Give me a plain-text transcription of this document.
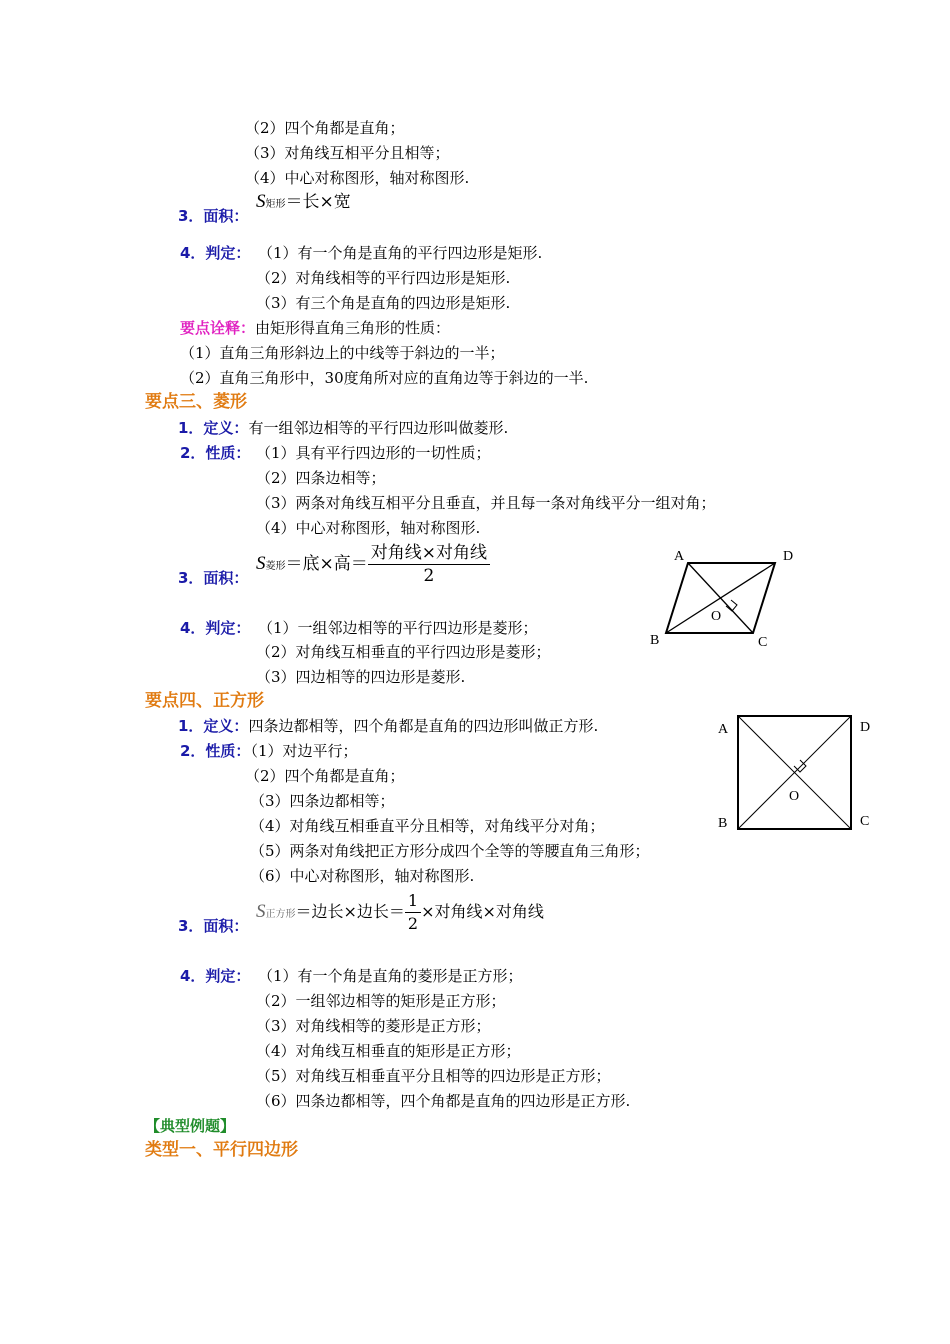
（2）四个角都是直角；
（3）对角线互相平分且相等；
（4）中心对称图形，轴对称图形.
3．面积：
S矩形＝长×宽
4．判定： （1）有一个角是直角的平行四边形是矩形.
（2）对角线相等的平行四边形是矩形.
（3）有三个角是直角的四边形是矩形.
要点诠释：由矩形得直角三角形的性质：
（1）直角三角形斜边上的中线等于斜边的一半；
（2）直角三角形中，30度角所对应的直角边等于斜边的一半.
要点三、菱形
1．定义：有一组邻边相等的平行四边形叫做菱形.
2．性质： （1）具有平行四边形的一切性质；
（2）四条边相等；
（3）两条对角线互相平分且垂直，并且每一条对角线平分一组对角；
（4）中心对称图形，轴对称图形.
3．面积：
S菱形＝底×高＝ $\frac{\text{对角线×对角线}}{2}$
4．判定： （1）一组邻边相等的平行四边形是菱形；
（2）对角线互相垂直的平行四边形是菱形；
（3）四边相等的四边形是菱形.
A	D
B	C
O
要点四、正方形
1．定义：四条边都相等，四个角都是直角的四边形叫做正方形.
2．性质：（1）对边平行；
（2）四个角都是直角；
（3）四条边都相等；
（4）对角线互相垂直平分且相等，对角线平分对角；
（5）两条对角线把正方形分成四个全等的等腰直角三角形；
（6）中心对称图形，轴对称图形.
3．面积：
S正方形＝边长×边长＝ $\frac{1}{2}$ ×对角线×对角线
4．判定： （1）有一个角是直角的菱形是正方形；
（2）一组邻边相等的矩形是正方形；
（3）对角线相等的菱形是正方形；
（4）对角线互相垂直的矩形是正方形；
（5）对角线互相垂直平分且相等的四边形是正方形；
（6）四条边都相等，四个角都是直角的四边形是正方形.
A	D
B	C
O
【典型例题】
类型一、平行四边形
